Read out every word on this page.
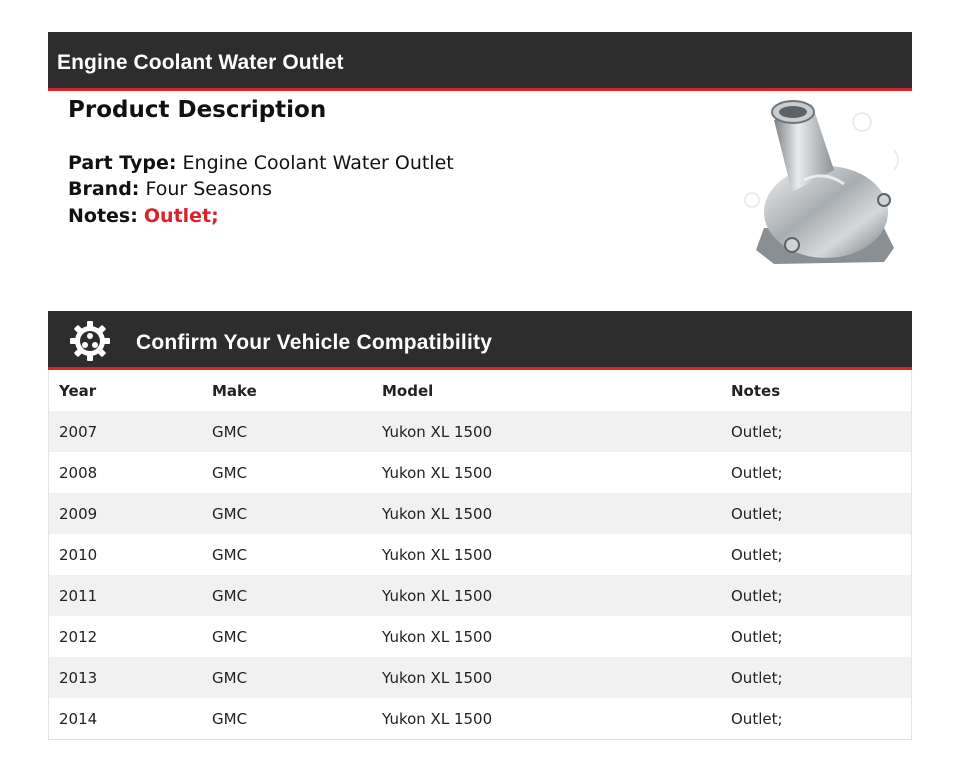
Engine Coolant Water Outlet
Product Description
Part Type: Engine Coolant Water Outlet
Brand: Four Seasons
Notes: Outlet;
Confirm Your Vehicle Compatibility
Year	Make	Model	Notes
2007	GMC	Yukon XL 1500	Outlet;
2008	GMC	Yukon XL 1500	Outlet;
2009	GMC	Yukon XL 1500	Outlet;
2010	GMC	Yukon XL 1500	Outlet;
2011	GMC	Yukon XL 1500	Outlet;
2012	GMC	Yukon XL 1500	Outlet;
2013	GMC	Yukon XL 1500	Outlet;
2014	GMC	Yukon XL 1500	Outlet;
